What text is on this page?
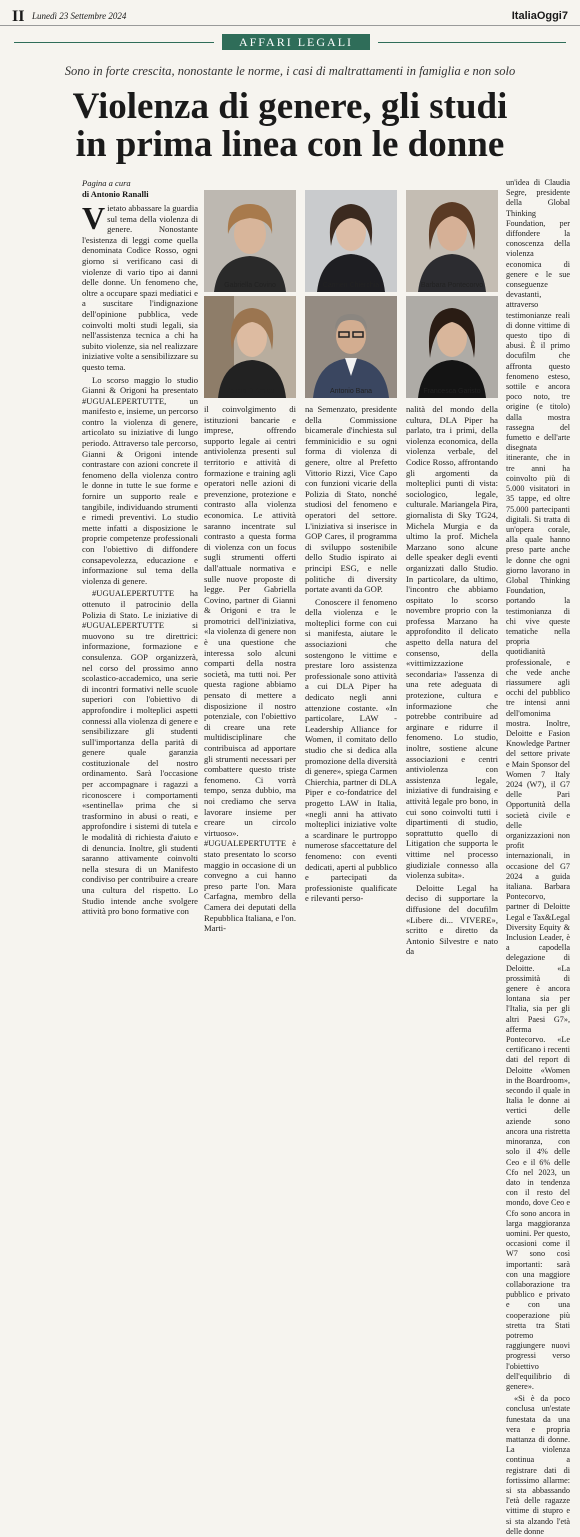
II Lunedì 23 Settembre 2024	ItaliaOggi7
AFFARI LEGALI
Sono in forte crescita, nonostante le norme, i casi di maltrattamenti in famiglia e non solo
Violenza di genere, gli studi
in prima linea con le donne
Pagina a cura
di Antonio Ranalli
Vietato abbassare la guardia sul tema della violenza di genere. Nonostante l'esistenza di leggi come quella denominata Codice Rosso, ogni giorno si verificano casi di violenze di vario tipo ai danni delle donne. Un fenomeno che, oltre a occupare spazi mediatici e a suscitare l'indignazione dell'opinione pubblica, vede coinvolti molti studi legali, sia nell'assistenza tecnica a chi ha subito violenze, sia nel realizzare iniziative volte a sensibilizzare su questo tema.

Lo scorso maggio lo studio Gianni & Origoni ha presentato #UGUALEPERTUTTE, un manifesto e, insieme, un percorso contro la violenza di genere, articolato su iniziative di lungo periodo. Attraverso tale percorso, Gianni & Origoni intende contrastare con azioni concrete il fenomeno della violenza contro le donne in tutte le sue forme e fornire un supporto reale e tangibile, individuando strumenti e rimedi preventivi. Lo studio mette infatti a disposizione le proprie competenze professionali con l'obiettivo di diffondere consapevolezza, educazione e informazione sul tema della violenza di genere.

#UGUALEPERTUTTE ha ottenuto il patrocinio della Polizia di Stato. Le iniziative di #UGUALEPERTUTTE si muovono su tre direttrici: informazione, formazione e consulenza. GOP organizzerà, nel corso del prossimo anno scolastico-accademico, una serie di incontri formativi nelle scuole superiori con l'obiettivo di approfondire i molteplici aspetti connessi alla violenza di genere e sensibilizzare gli studenti sull'importanza della parità di genere quale garanzia costituzionale del nostro ordinamento. Sarà l'occasione per accompagnare i ragazzi a riconoscere i comportamenti «sentinella» prima che si trasformino in abusi o reati, e approfondire i sistemi di tutela e le modalità di richiesta d'aiuto e di denuncia. Inoltre, gli studenti saranno attivamente coinvolti nella stesura di un Manifesto condiviso per contribuire a creare una cultura del rispetto. Lo Studio intende anche svolgere attività pro bono formative con

Gabriella Covino	Carmen Chierchia	Barbara Pontecorvo
Felicia D'Amico	Antonio Bana	Francesca Garisto
il coinvolgimento di istituzioni bancarie e imprese, offrendo supporto legale ai centri antiviolenza presenti sul territorio e attività di formazione e training agli operatori nelle azioni di prevenzione, protezione e contrasto alla violenza economica. Le attività saranno incentrate sul contrasto a questa forma di violenza con un focus sugli strumenti offerti dall'attuale normativa e sulle nuove proposte di legge. Per Gabriella Covino, partner di Gianni & Origoni e tra le promotrici dell'iniziativa, «la violenza di genere non è una questione che interessa solo alcuni comparti della nostra società, ma tutti noi. Per questa ragione abbiamo pensato di mettere a disposizione il nostro potenziale, con l'obiettivo di creare una rete multidisciplinare che contribuisca ad apportare gli strumenti necessari per combattere questo triste fenomeno. Ci vorrà tempo, senza dubbio, ma noi crediamo che serva lavorare insieme per creare un circolo virtuoso». #UGUALEPERTUTTE è stato presentato lo scorso maggio in occasione di un convegno a cui hanno preso parte l'on. Mara Carfagna, membro della Camera dei deputati della Repubblica Italiana, e l'on. Marti-
na Semenzato, presidente della Commissione bicamerale d'inchiesta sul femminicidio e su ogni forma di violenza di genere, oltre al Prefetto Vittorio Rizzi, Vice Capo con funzioni vicarie della Polizia di Stato, nonché studiosi del fenomeno e operatori del settore. L'iniziativa si inserisce in GOP Cares, il programma di sviluppo sostenibile dello Studio ispirato ai principi ESG, e nelle politiche di diversity portate avanti da GOP.

Conoscere il fenomeno della violenza e le molteplici forme con cui si manifesta, aiutare le associazioni che sostengono le vittime e prestare loro assistenza professionale sono attività a cui DLA Piper ha dedicato negli anni attenzione costante. «In particolare, LAW - Leadership Alliance for Women, il comitato dello studio che si dedica alla promozione della diversità di genere», spiega Carmen Chierchia, partner di DLA Piper e co-fondatrice del progetto LAW in Italia, «negli anni ha attivato molteplici iniziative volte a scardinare le purtroppo numerose sfaccettature del fenomeno: con eventi dedicati, aperti al pubblico e partecipati da professioniste qualificate e rilevanti perso-

nalità del mondo della cultura, DLA Piper ha parlato, tra i primi, della violenza economica, della violenza verbale, del Codice Rosso, affrontando gli argomenti da molteplici punti di vista: sociologico, legale, culturale. Mariangela Pira, giornalista di Sky TG24, Michela Murgia e da ultimo la prof. Michela Marzano sono alcune delle speaker degli eventi organizzati dallo Studio. In particolare, da ultimo, l'incontro che abbiamo ospitato lo scorso novembre proprio con la professa Marzano ha approfondito il delicato aspetto della natura del consenso, della «vittimizzazione secondaria» l'assenza di una rete adeguata di protezione, cultura e informazione che potrebbe contribuire ad arginare e ridurre il fenomeno. Lo studio, inoltre, sostiene alcune associazioni e centri antiviolenza con assistenza legale, iniziative di fundraising e attività legale pro bono, in cui sono coinvolti tutti i dipartimenti di studio, soprattutto quello di Litigation che supporta le vittime nel processo giudiziale connesso alla violenza subita».

Deloitte Legal ha deciso di supportare la diffusione del docufilm «Libere di... VIVERE», scritto e diretto da Antonio Silvestre e nato da

un'idea di Claudia Segre, presidente della Global Thinking Foundation, per diffondere la conoscenza della violenza economica di genere e le sue conseguenze devastanti, attraverso testimonianze reali di donne vittime di questo tipo di abusi. È il primo docufilm che affronta questo fenomeno esteso, sottile e ancora poco noto, tre origine (e titolo) dalla mostra rassegna del fumetto e dell'arte disegnata itinerante, che in tre anni ha coinvolto più di 5.000 visitatori in 35 tappe, ed oltre 75.000 partecipanti digitali. Si tratta di un'opera corale, alla quale hanno preso parte anche le donne che ogni giorno lavorano in Global Thinking Foundation, portando la testimonianza di chi vive queste tematiche nella propria quotidianità professionale, e che vede anche riassumere agli occhi del pubblico tre intensi anni dell'omonima mostra. Inoltre, Deloitte e Fasion Knowledge Partner del settore private e Main Sponsor del Women 7 Italy 2024 (W7), il G7 delle Pari Opportunità della società civile e delle organizzazioni non profit internazionali, in occasione del G7 2024 a guida italiana. Barbara Pontecorvo, partner di Deloitte Legal e Tax&Legal Diversity Equity & Inclusion Leader, è a capodella delegazione di Deloitte. «La prossimità di genere è ancora lontana sia per l'Italia, sia per gli altri Paesi G7», afferma Pontecorvo. «Le certificano i recenti dati del report di Deloitte «Women in the Boardroom», secondo il quale in Italia le donne ai vertici delle aziende sono ancora una ristretta minoranza, con solo il 4% delle Ceo e il 6% delle Cfo nel 2023, un dato in tendenza con il resto del mondo, dove Ceo e Cfo sono ancora in larga maggioranza uomini. Per questo, occasioni come il W7 sono così importanti: sarà con una maggiore collaborazione tra pubblico e privato e con una cooperazione più stretta tra Stati potremo raggiungere nuovi progressi verso l'obiettivo dell'equilibrio di genere».

«Si è da poco conclusa un'estate funestata da una vera e propria mattanza di donne. La violenza continua a registrare dati di fortissimo allarme: si sta abbassando l'età delle ragazze vittime di stupro e si sta alzando l'età delle donne
